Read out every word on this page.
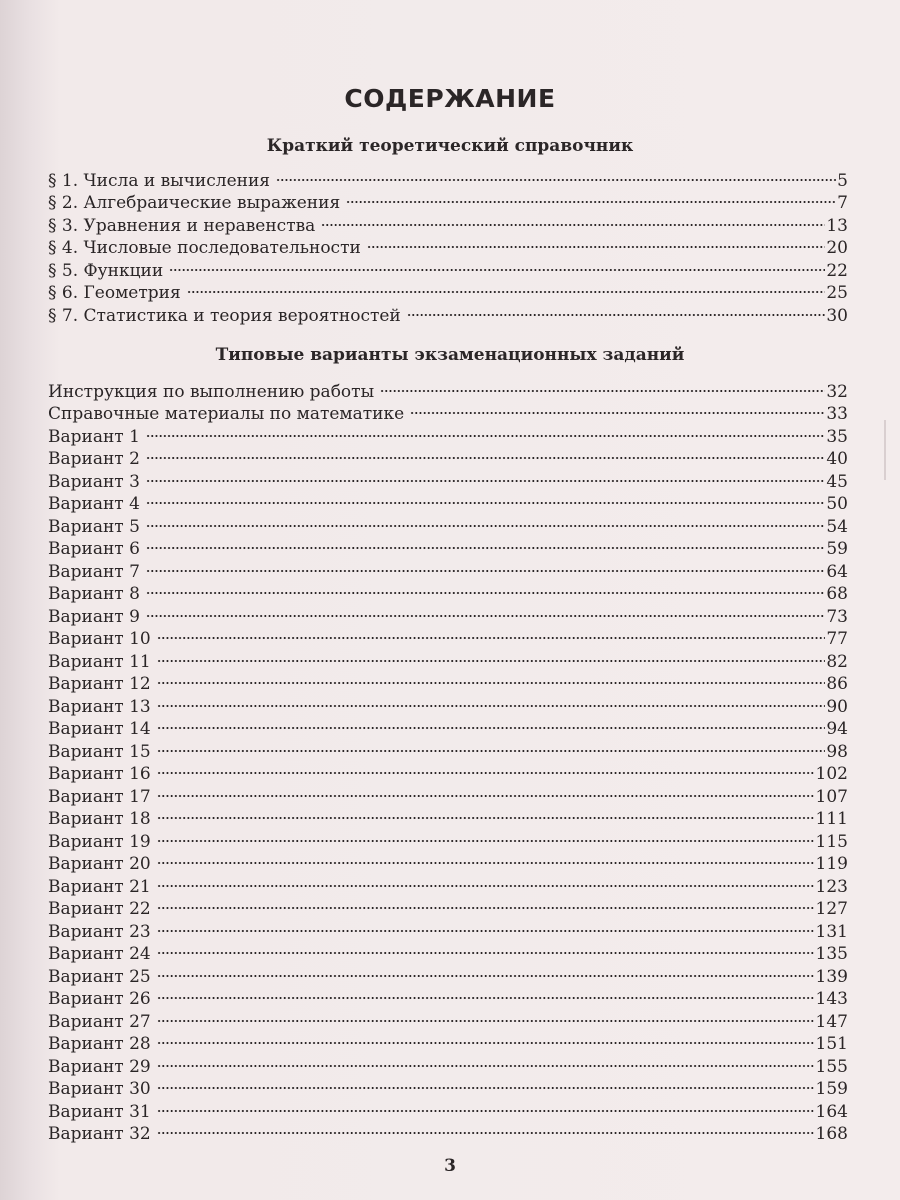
СОДЕРЖАНИЕ
Краткий теоретический справочник
§ 1. Числа и вычисления	5
§ 2. Алгебраические выражения	7
§ 3. Уравнения и неравенства	13
§ 4. Числовые последовательности	20
§ 5. Функции	22
§ 6. Геометрия	25
§ 7. Статистика и теория вероятностей	30
Типовые варианты экзаменационных заданий
Инструкция по выполнению работы	32
Справочные материалы по математике	33
Вариант 1	35
Вариант 2	40
Вариант 3	45
Вариант 4	50
Вариант 5	54
Вариант 6	59
Вариант 7	64
Вариант 8	68
Вариант 9	73
Вариант 10	77
Вариант 11	82
Вариант 12	86
Вариант 13	90
Вариант 14	94
Вариант 15	98
Вариант 16	102
Вариант 17	107
Вариант 18	111
Вариант 19	115
Вариант 20	119
Вариант 21	123
Вариант 22	127
Вариант 23	131
Вариант 24	135
Вариант 25	139
Вариант 26	143
Вариант 27	147
Вариант 28	151
Вариант 29	155
Вариант 30	159
Вариант 31	164
Вариант 32	168
3
